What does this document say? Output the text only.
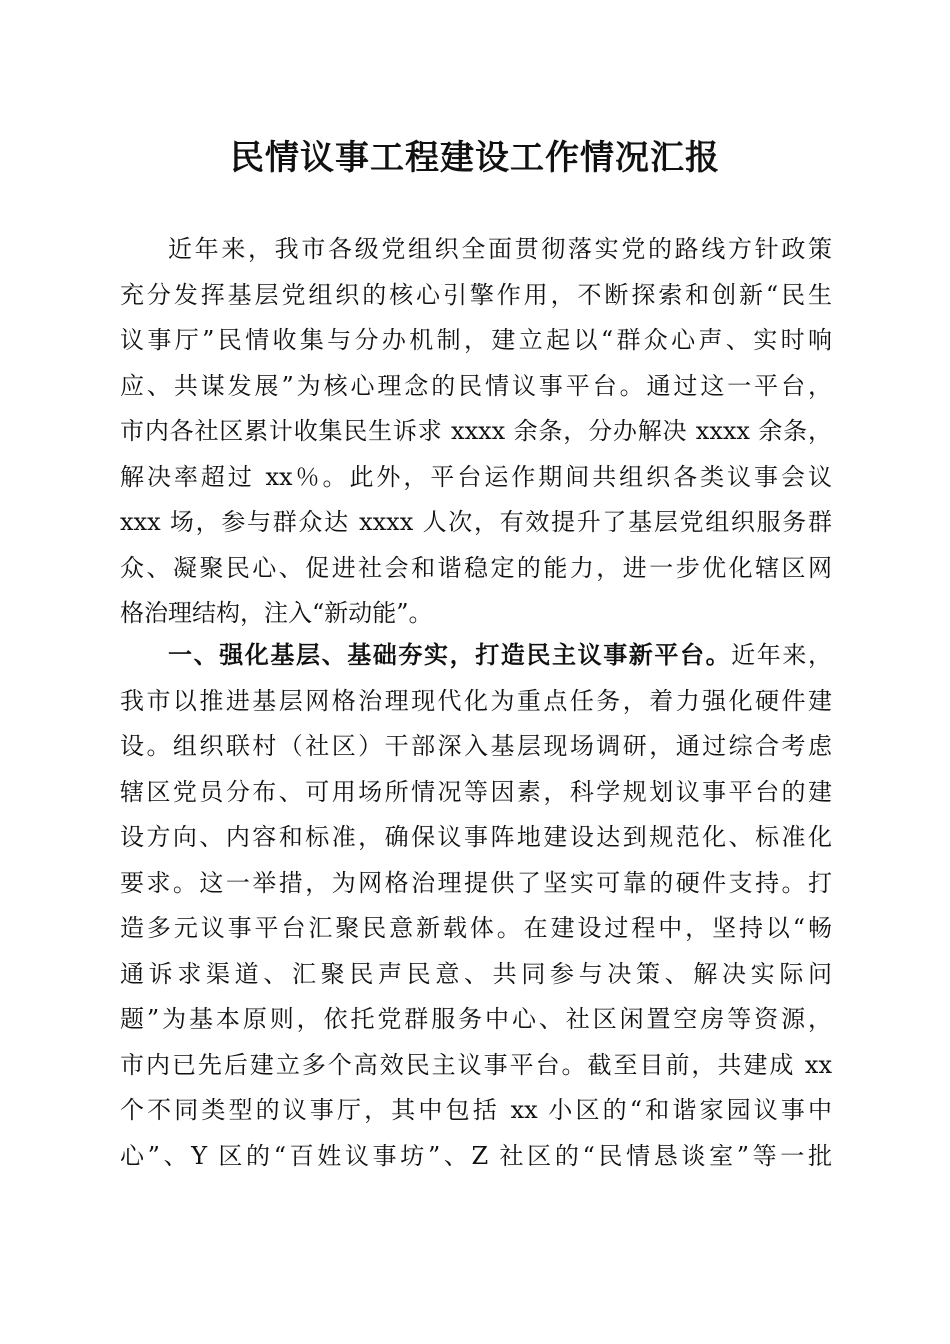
民情议事工程建设工作情况汇报
近年来，我市各级党组织全面贯彻落实党的路线方针政策
充分发挥基层党组织的核心引擎作用，不断探索和创新“民生
议事厅”民情收集与分办机制，建立起以“群众心声、实时响
应、共谋发展”为核心理念的民情议事平台。通过这一平台，
市内各社区累计收集民生诉求 xxxx 余条，分办解决 xxxx 余条，
解决率超过 xx％。此外，平台运作期间共组织各类议事会议
xxx 场，参与群众达 xxxx 人次，有效提升了基层党组织服务群
众、凝聚民心、促进社会和谐稳定的能力，进一步优化辖区网
格治理结构，注入“新动能”。
一、强化基层、基础夯实，打造民主议事新平台。近年来，
我市以推进基层网格治理现代化为重点任务，着力强化硬件建
设。组织联村（社区）干部深入基层现场调研，通过综合考虑
辖区党员分布、可用场所情况等因素，科学规划议事平台的建
设方向、内容和标准，确保议事阵地建设达到规范化、标准化
要求。这一举措，为网格治理提供了坚实可靠的硬件支持。打
造多元议事平台汇聚民意新载体。在建设过程中，坚持以“畅
通诉求渠道、汇聚民声民意、共同参与决策、解决实际问
题”为基本原则，依托党群服务中心、社区闲置空房等资源，
市内已先后建立多个高效民主议事平台。截至目前，共建成 xx
个不同类型的议事厅，其中包括 xx 小区的“和谐家园议事中
心”、Y 区的“百姓议事坊”、Z 社区的“民情恳谈室”等一批
